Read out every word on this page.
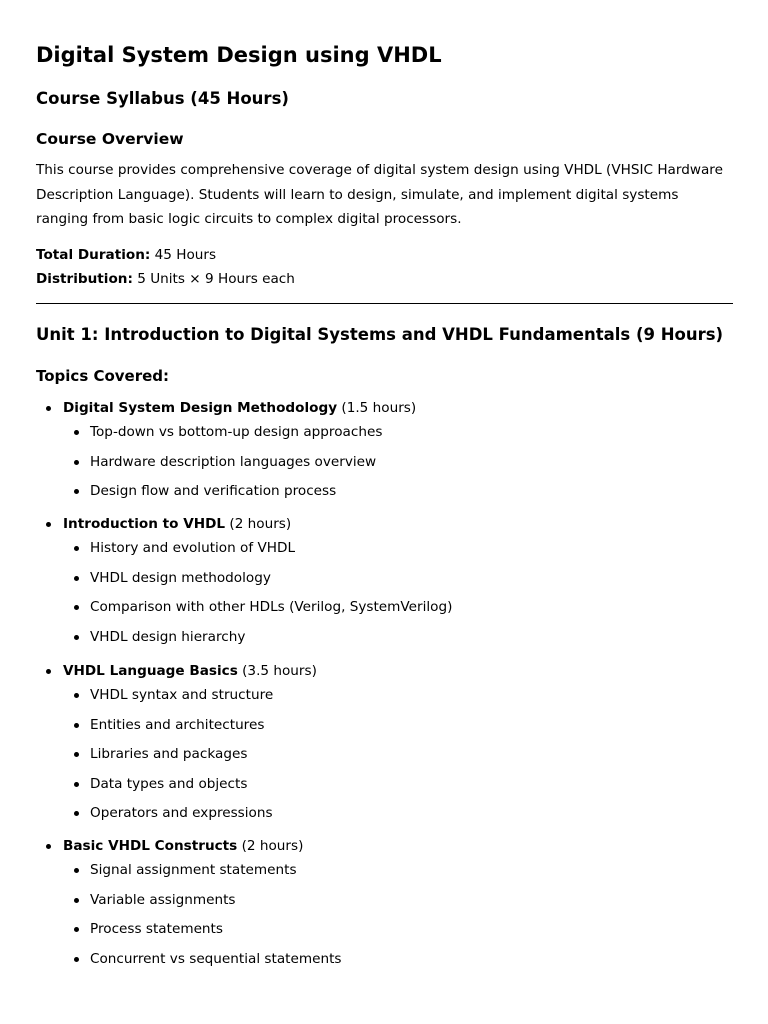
Digital System Design using VHDL
Course Syllabus (45 Hours)
Course Overview

This course provides comprehensive coverage of digital system design using VHDL (VHSIC Hardware Description Language). Students will learn to design, simulate, and implement digital systems ranging from basic logic circuits to complex digital processors.

Total Duration: 45 Hours

Distribution: 5 Units × 9 Hours each

Unit 1: Introduction to Digital Systems and VHDL Fundamentals (9 Hours)
Topics Covered:
Digital System Design Methodology (1.5 hours)
Top-down vs bottom-up design approaches
Hardware description languages overview
Design flow and verification process
Introduction to VHDL (2 hours)
History and evolution of VHDL
VHDL design methodology
Comparison with other HDLs (Verilog, SystemVerilog)
VHDL design hierarchy
VHDL Language Basics (3.5 hours)
VHDL syntax and structure
Entities and architectures
Libraries and packages
Data types and objects
Operators and expressions
Basic VHDL Constructs (2 hours)
Signal assignment statements
Variable assignments
Process statements
Concurrent vs sequential statements
